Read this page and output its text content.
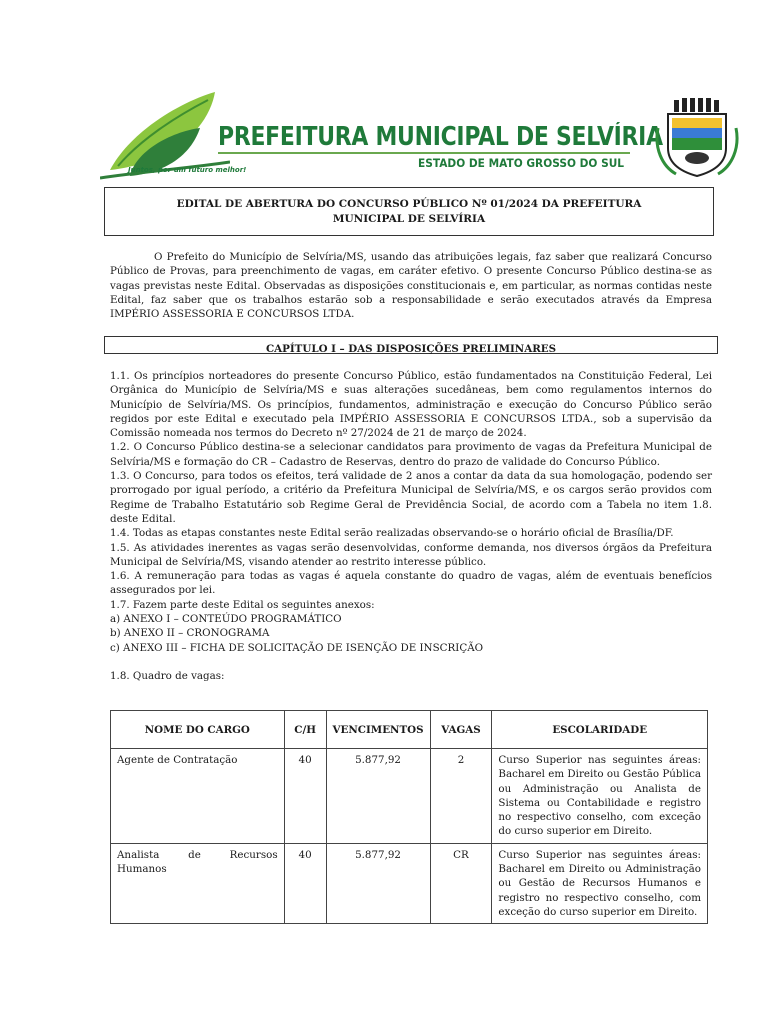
PREFEITURA MUNICIPAL DE SELVÍRIA
ESTADO DE MATO GROSSO DO SUL
Juntos, por um futuro melhor!
EDITAL DE ABERTURA DO CONCURSO PÚBLICO Nº 01/2024 DA PREFEITURA MUNICIPAL DE SELVÍRIA
O Prefeito do Município de Selvíria/MS, usando das atribuições legais, faz saber que realizará Concurso Público de Provas, para preenchimento de vagas, em caráter efetivo. O presente Concurso Público destina-se as vagas previstas neste Edital. Observadas as disposições constitucionais e, em particular, as normas contidas neste Edital, faz saber que os trabalhos estarão sob a responsabilidade e serão executados através da Empresa IMPÉRIO ASSESSORIA E CONCURSOS LTDA.
CAPÍTULO I – DAS DISPOSIÇÕES PRELIMINARES

1.1. Os princípios norteadores do presente Concurso Público, estão fundamentados na Constituição Federal, Lei Orgânica do Município de Selvíria/MS e suas alterações sucedâneas, bem como regulamentos internos do Município de Selvíria/MS. Os princípios, fundamentos, administração e execução do Concurso Público serão regidos por este Edital e executado pela IMPÉRIO ASSESSORIA E CONCURSOS LTDA., sob a supervisão da Comissão nomeada nos termos do Decreto nº 27/2024 de 21 de março de 2024.

1.2. O Concurso Público destina-se a selecionar candidatos para provimento de vagas da Prefeitura Municipal de Selvíria/MS e formação do CR – Cadastro de Reservas, dentro do prazo de validade do Concurso Público.

1.3. O Concurso, para todos os efeitos, terá validade de 2 anos a contar da data da sua homologação, podendo ser prorrogado por igual período, a critério da Prefeitura Municipal de Selvíria/MS, e os cargos serão providos com Regime de Trabalho Estatutário sob Regime Geral de Previdência Social, de acordo com a Tabela no item 1.8. deste Edital.

1.4. Todas as etapas constantes neste Edital serão realizadas observando-se o horário oficial de Brasília/DF.

1.5. As atividades inerentes as vagas serão desenvolvidas, conforme demanda, nos diversos órgãos da Prefeitura Municipal de Selvíria/MS, visando atender ao restrito interesse público.

1.6. A remuneração para todas as vagas é aquela constante do quadro de vagas, além de eventuais benefícios assegurados por lei.

1.7. Fazem parte deste Edital os seguintes anexos:

a) ANEXO I – CONTEÚDO PROGRAMÁTICO

b) ANEXO II – CRONOGRAMA

c) ANEXO III – FICHA DE SOLICITAÇÃO DE ISENÇÃO DE INSCRIÇÃO

1.8. Quadro de vagas:

NOME DO CARGO	C/H	VENCIMENTOS	VAGAS	ESCOLARIDADE
Agente de Contratação	40	5.877,92	2	Curso Superior nas seguintes áreas: Bacharel em Direito ou Gestão Pública ou Administração ou Analista de Sistema ou Contabilidade e registro no respectivo conselho, com exceção do curso superior em Direito.
Analista de Recursos Humanos	40	5.877,92	CR	Curso Superior nas seguintes áreas: Bacharel em Direito ou Administração ou Gestão de Recursos Humanos e registro no respectivo conselho, com exceção do curso superior em Direito.
